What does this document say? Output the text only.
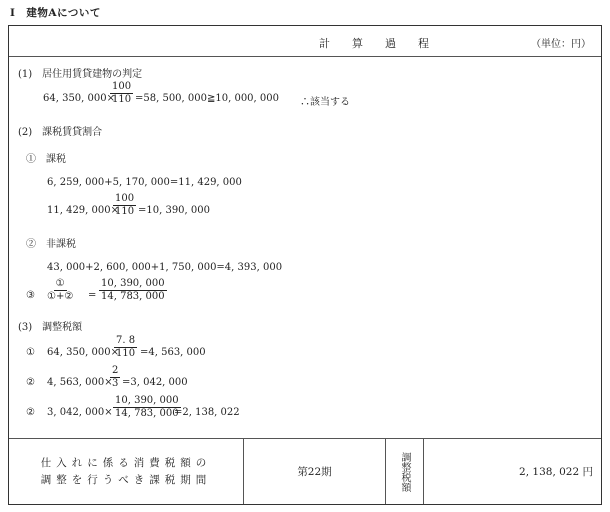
I　建物Aについて
計　　算　　過　　程	（単位：円）
(1)　居住用賃貸建物の判定
64, 350, 000×
$\frac{100}{110} =58$, 500, 000≧10, 000, 000 ∴該当する
(2)　課税賃貸割合
①　課税
6, 259, 000+5, 170, 000=11, 429, 000
11, 429, 000×
$\frac{100}{110} =10$, 390, 000
②　非課税
43, 000+2, 600, 000+1, 750, 000=4, 393, 000
③
①
①+② = $\frac{10, 390, 000}{14, 783, 000}$
(3)　調整税額
① 64, 350, 000×
$\frac{7. 8}{110} =4$, 563, 000
② 4, 563, 000×
$\frac{2}{3} =3$, 042, 000
② 3, 042, $000\times \frac{10, 390, 000}{14, 783, 000}$
=2, 138, 022
仕入れに係る消費税額の
調整を行うべき課税期間
第22期	調整税額	2, 138, 022 円
